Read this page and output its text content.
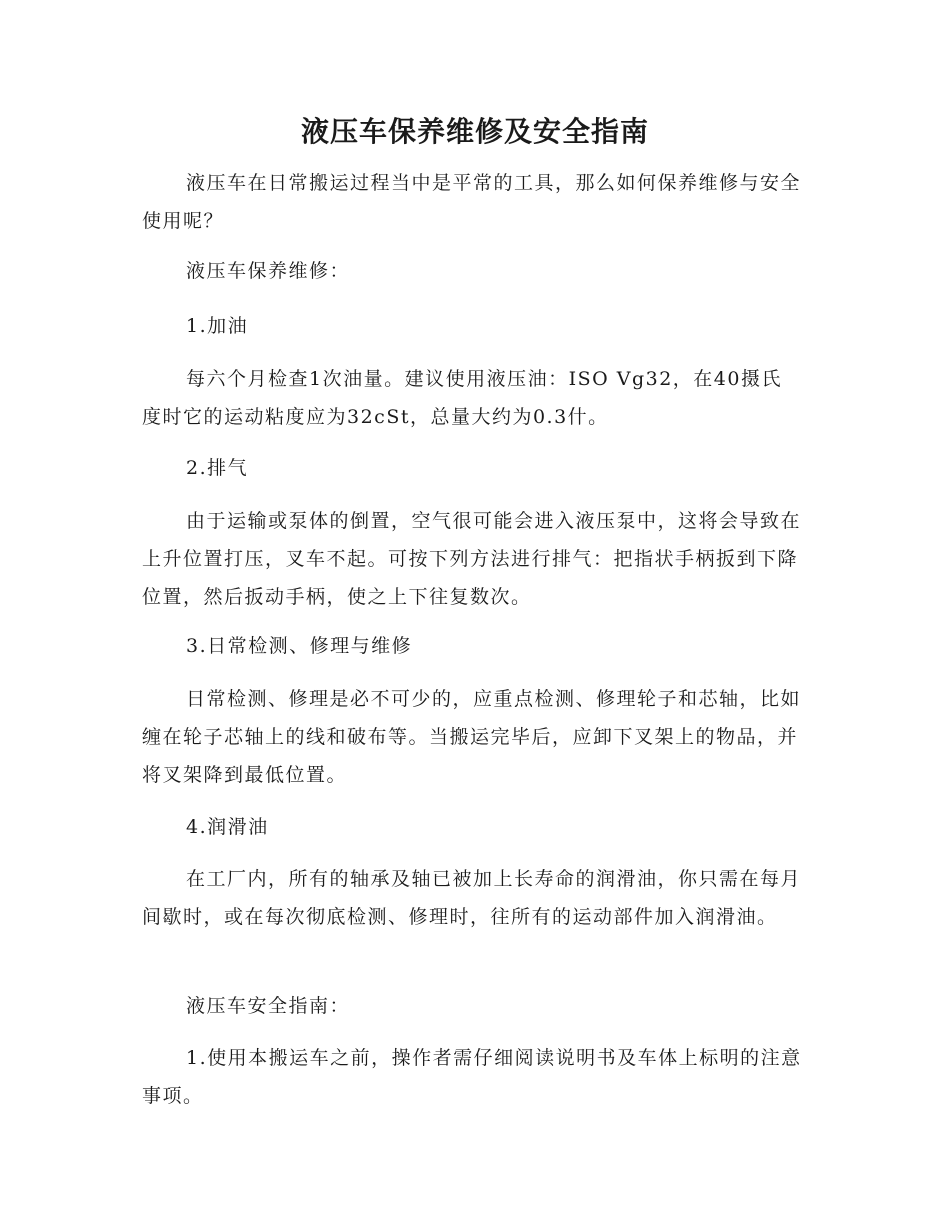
液压车保养维修及安全指南

液压车在日常搬运过程当中是平常的工具，那么如何保养维修与安全使用呢？

液压车保养维修：

1.加油

每六个月检查1次油量。建议使用液压油：ISO Vg32，在40摄氏度时它的运动粘度应为32cSt，总量大约为0.3什。

2.排气

由于运输或泵体的倒置，空气很可能会进入液压泵中，这将会导致在上升位置打压，叉车不起。可按下列方法进行排气：把指状手柄扳到下降位置，然后扳动手柄，使之上下往复数次。

3.日常检测、修理与维修

日常检测、修理是必不可少的，应重点检测、修理轮子和芯轴，比如缠在轮子芯轴上的线和破布等。当搬运完毕后，应卸下叉架上的物品，并将叉架降到最低位置。

4.润滑油

在工厂内，所有的轴承及轴已被加上长寿命的润滑油，你只需在每月间歇时，或在每次彻底检测、修理时，往所有的运动部件加入润滑油。

液压车安全指南：

1.使用本搬运车之前，操作者需仔细阅读说明书及车体上标明的注意事项。
